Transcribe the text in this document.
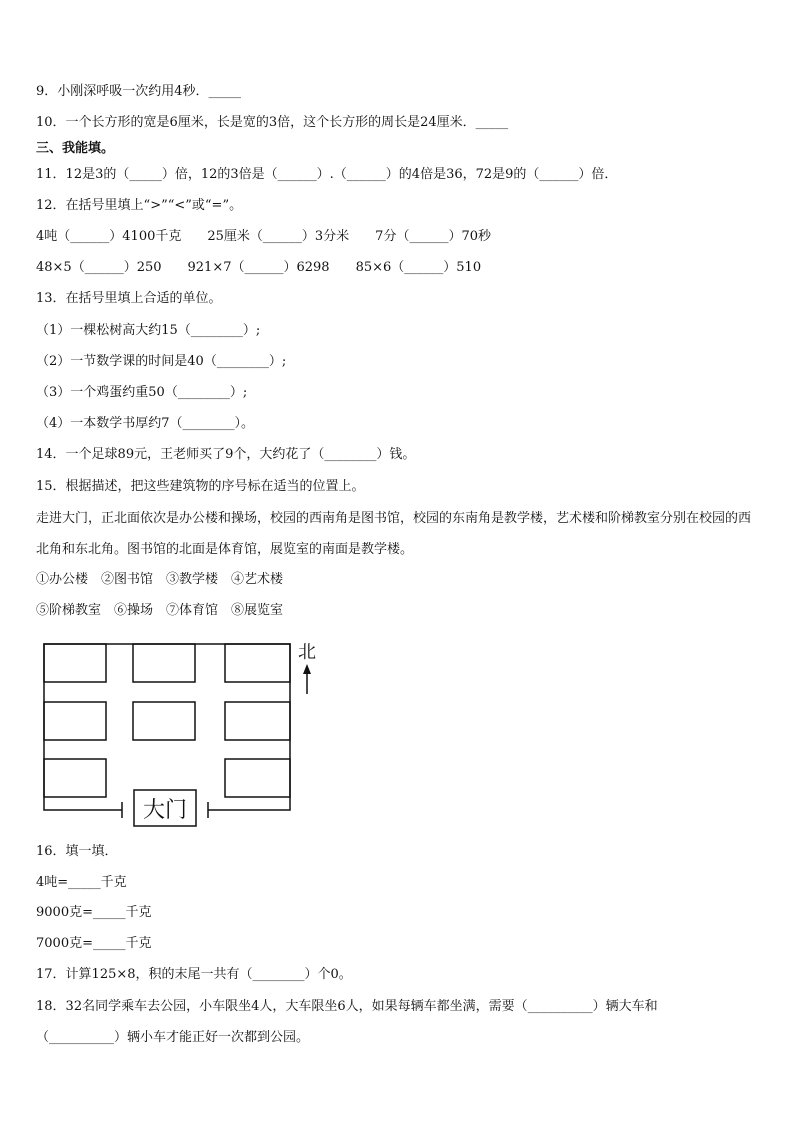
9．小刚深呼吸一次约用4秒．_____
10．一个长方形的宽是6厘米，长是宽的3倍，这个长方形的周长是24厘米．_____
三、我能填。
11．12是3的（_____）倍，12的3倍是（______）.（______）的4倍是36，72是9的（______）倍．
12．在括号里填上“>”“<”或“=”。
4吨（______）4100千克　　25厘米（______）3分米　　7分（______）70秒
48×5（______）250　　921×7（______）6298　　85×6（______）510
13．在括号里填上合适的单位。
（1）一棵松树高大约15（________）;
（2）一节数学课的时间是40（________）;
（3）一个鸡蛋约重50（________）;
（4）一本数学书厚约7（________）。
14．一个足球89元，王老师买了9个，大约花了（________）钱。
15．根据描述，把这些建筑物的序号标在适当的位置上。
走进大门，正北面依次是办公楼和操场，校园的西南角是图书馆，校园的东南角是教学楼，艺术楼和阶梯教室分别在校园的西北角和东北角。图书馆的北面是体育馆，展览室的南面是教学楼。
①办公楼　②图书馆　③教学楼　④艺术楼
⑤阶梯教室　⑥操场　⑦体育馆　⑧展览室
大门
北
16．填一填．
4吨=_____千克
9000克=_____千克
7000克=_____千克
17．计算125×8，积的末尾一共有（________）个0。
18．32名同学乘车去公园，小车限坐4人，大车限坐6人，如果每辆车都坐满，需要（__________）辆大车和
（__________）辆小车才能正好一次都到公园。
